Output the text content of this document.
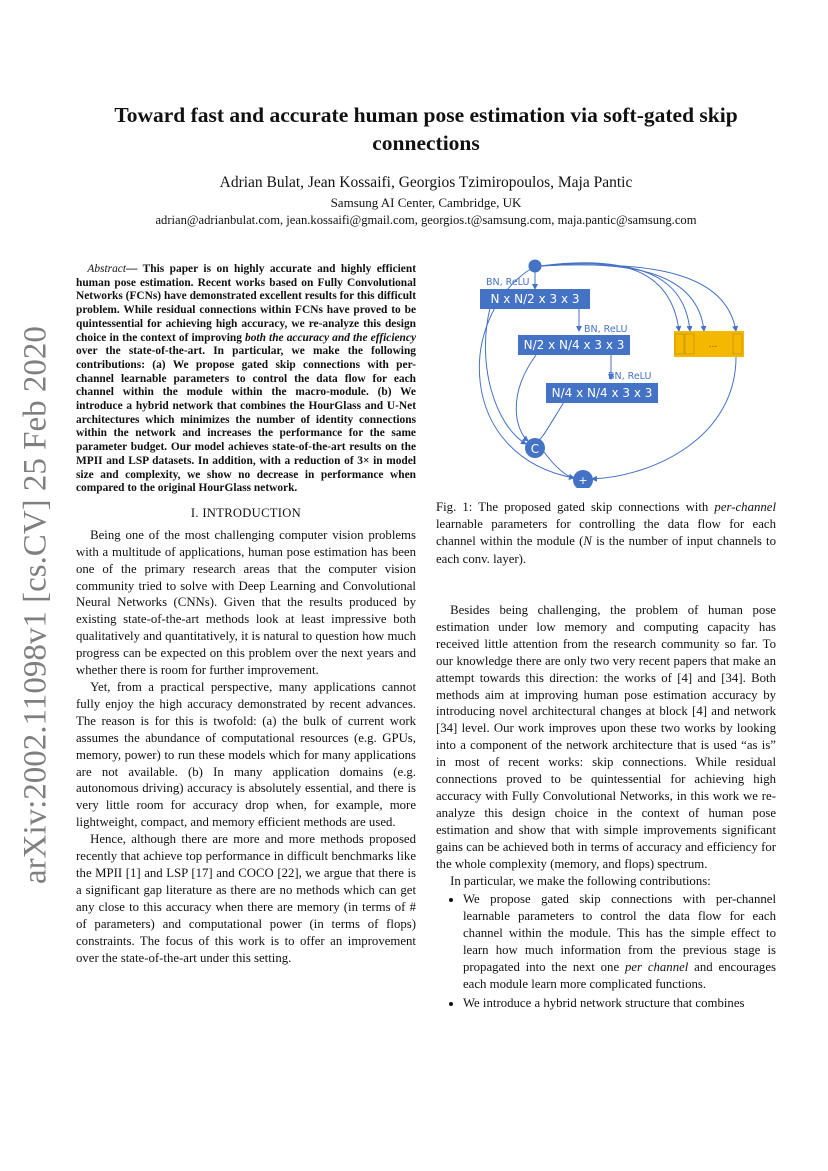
arXiv:2002.11098v1 [cs.CV] 25 Feb 2020
Toward fast and accurate human pose estimation via soft-gated skip
connections
Adrian Bulat, Jean Kossaifi, Georgios Tzimiropoulos, Maja Pantic
Samsung AI Center, Cambridge, UK
adrian@adrianbulat.com, jean.kossaifi@gmail.com, georgios.t@samsung.com, maja.pantic@samsung.com

Abstract— This paper is on highly accurate and highly efficient human pose estimation. Recent works based on Fully Convolutional Networks (FCNs) have demonstrated excellent results for this difficult problem. While residual connections within FCNs have proved to be quintessential for achieving high accuracy, we re-analyze this design choice in the context of improving both the accuracy and the efficiency over the state-of-the-art. In particular, we make the following contributions: (a) We propose gated skip connections with per-channel learnable parameters to control the data flow for each channel within the module within the macro-module. (b) We introduce a hybrid network that combines the HourGlass and U-Net architectures which minimizes the number of identity connections within the network and increases the performance for the same parameter budget. Our model achieves state-of-the-art results on the MPII and LSP datasets. In addition, with a reduction of 3× in model size and complexity, we show no decrease in performance when compared to the original HourGlass network.

I. INTRODUCTION

Being one of the most challenging computer vision problems with a multitude of applications, human pose estimation has been one of the primary research areas that the computer vision community tried to solve with Deep Learning and Convolutional Neural Networks (CNNs). Given that the results produced by existing state-of-the-art methods look at least impressive both qualitatively and quantitatively, it is natural to question how much progress can be expected on this problem over the next years and whether there is room for further improvement.

Yet, from a practical perspective, many applications cannot fully enjoy the high accuracy demonstrated by recent advances. The reason is for this is twofold: (a) the bulk of current work assumes the abundance of computational resources (e.g. GPUs, memory, power) to run these models which for many applications are not available. (b) In many application domains (e.g. autonomous driving) accuracy is absolutely essential, and there is very little room for accuracy drop when, for example, more lightweight, compact, and memory efficient methods are used.

Hence, although there are more and more methods proposed recently that achieve top performance in difficult benchmarks like the MPII [1] and LSP [17] and COCO [22], we argue that there is a significant gap literature as there are no methods which can get any close to this accuracy when there are memory (in terms of # of parameters) and computational power (in terms of flops) constraints. The focus of this work is to offer an improvement over the state-of-the-art under this setting.

BN, ReLU
BN, ReLU
BN, ReLU
N x N/2 x 3 x 3
N/2 x N/4 x 3 x 3
N/4 x N/4 x 3 x 3
...
C
+
Fig. 1: The proposed gated skip connections with per-channel learnable parameters for controlling the data flow for each channel within the module (N is the number of input channels to each conv. layer).

Besides being challenging, the problem of human pose estimation under low memory and computing capacity has received little attention from the research community so far. To our knowledge there are only two very recent papers that make an attempt towards this direction: the works of [4] and [34]. Both methods aim at improving human pose estimation accuracy by introducing novel architectural changes at block [4] and network [34] level. Our work improves upon these two works by looking into a component of the network architecture that is used “as is” in most of recent works: skip connections. While residual connections proved to be quintessential for achieving high accuracy with Fully Convolutional Networks, in this work we re-analyze this design choice in the context of human pose estimation and show that with simple improvements significant gains can be achieved both in terms of accuracy and efficiency for the whole complexity (memory, and flops) spectrum.

In particular, we make the following contributions:

• We propose gated skip connections with per-channel learnable parameters to control the data flow for each channel within the module. This has the simple effect to learn how much information from the previous stage is propagated into the next one per channel and encourages each module learn more complicated functions.
• We introduce a hybrid network structure that combines
